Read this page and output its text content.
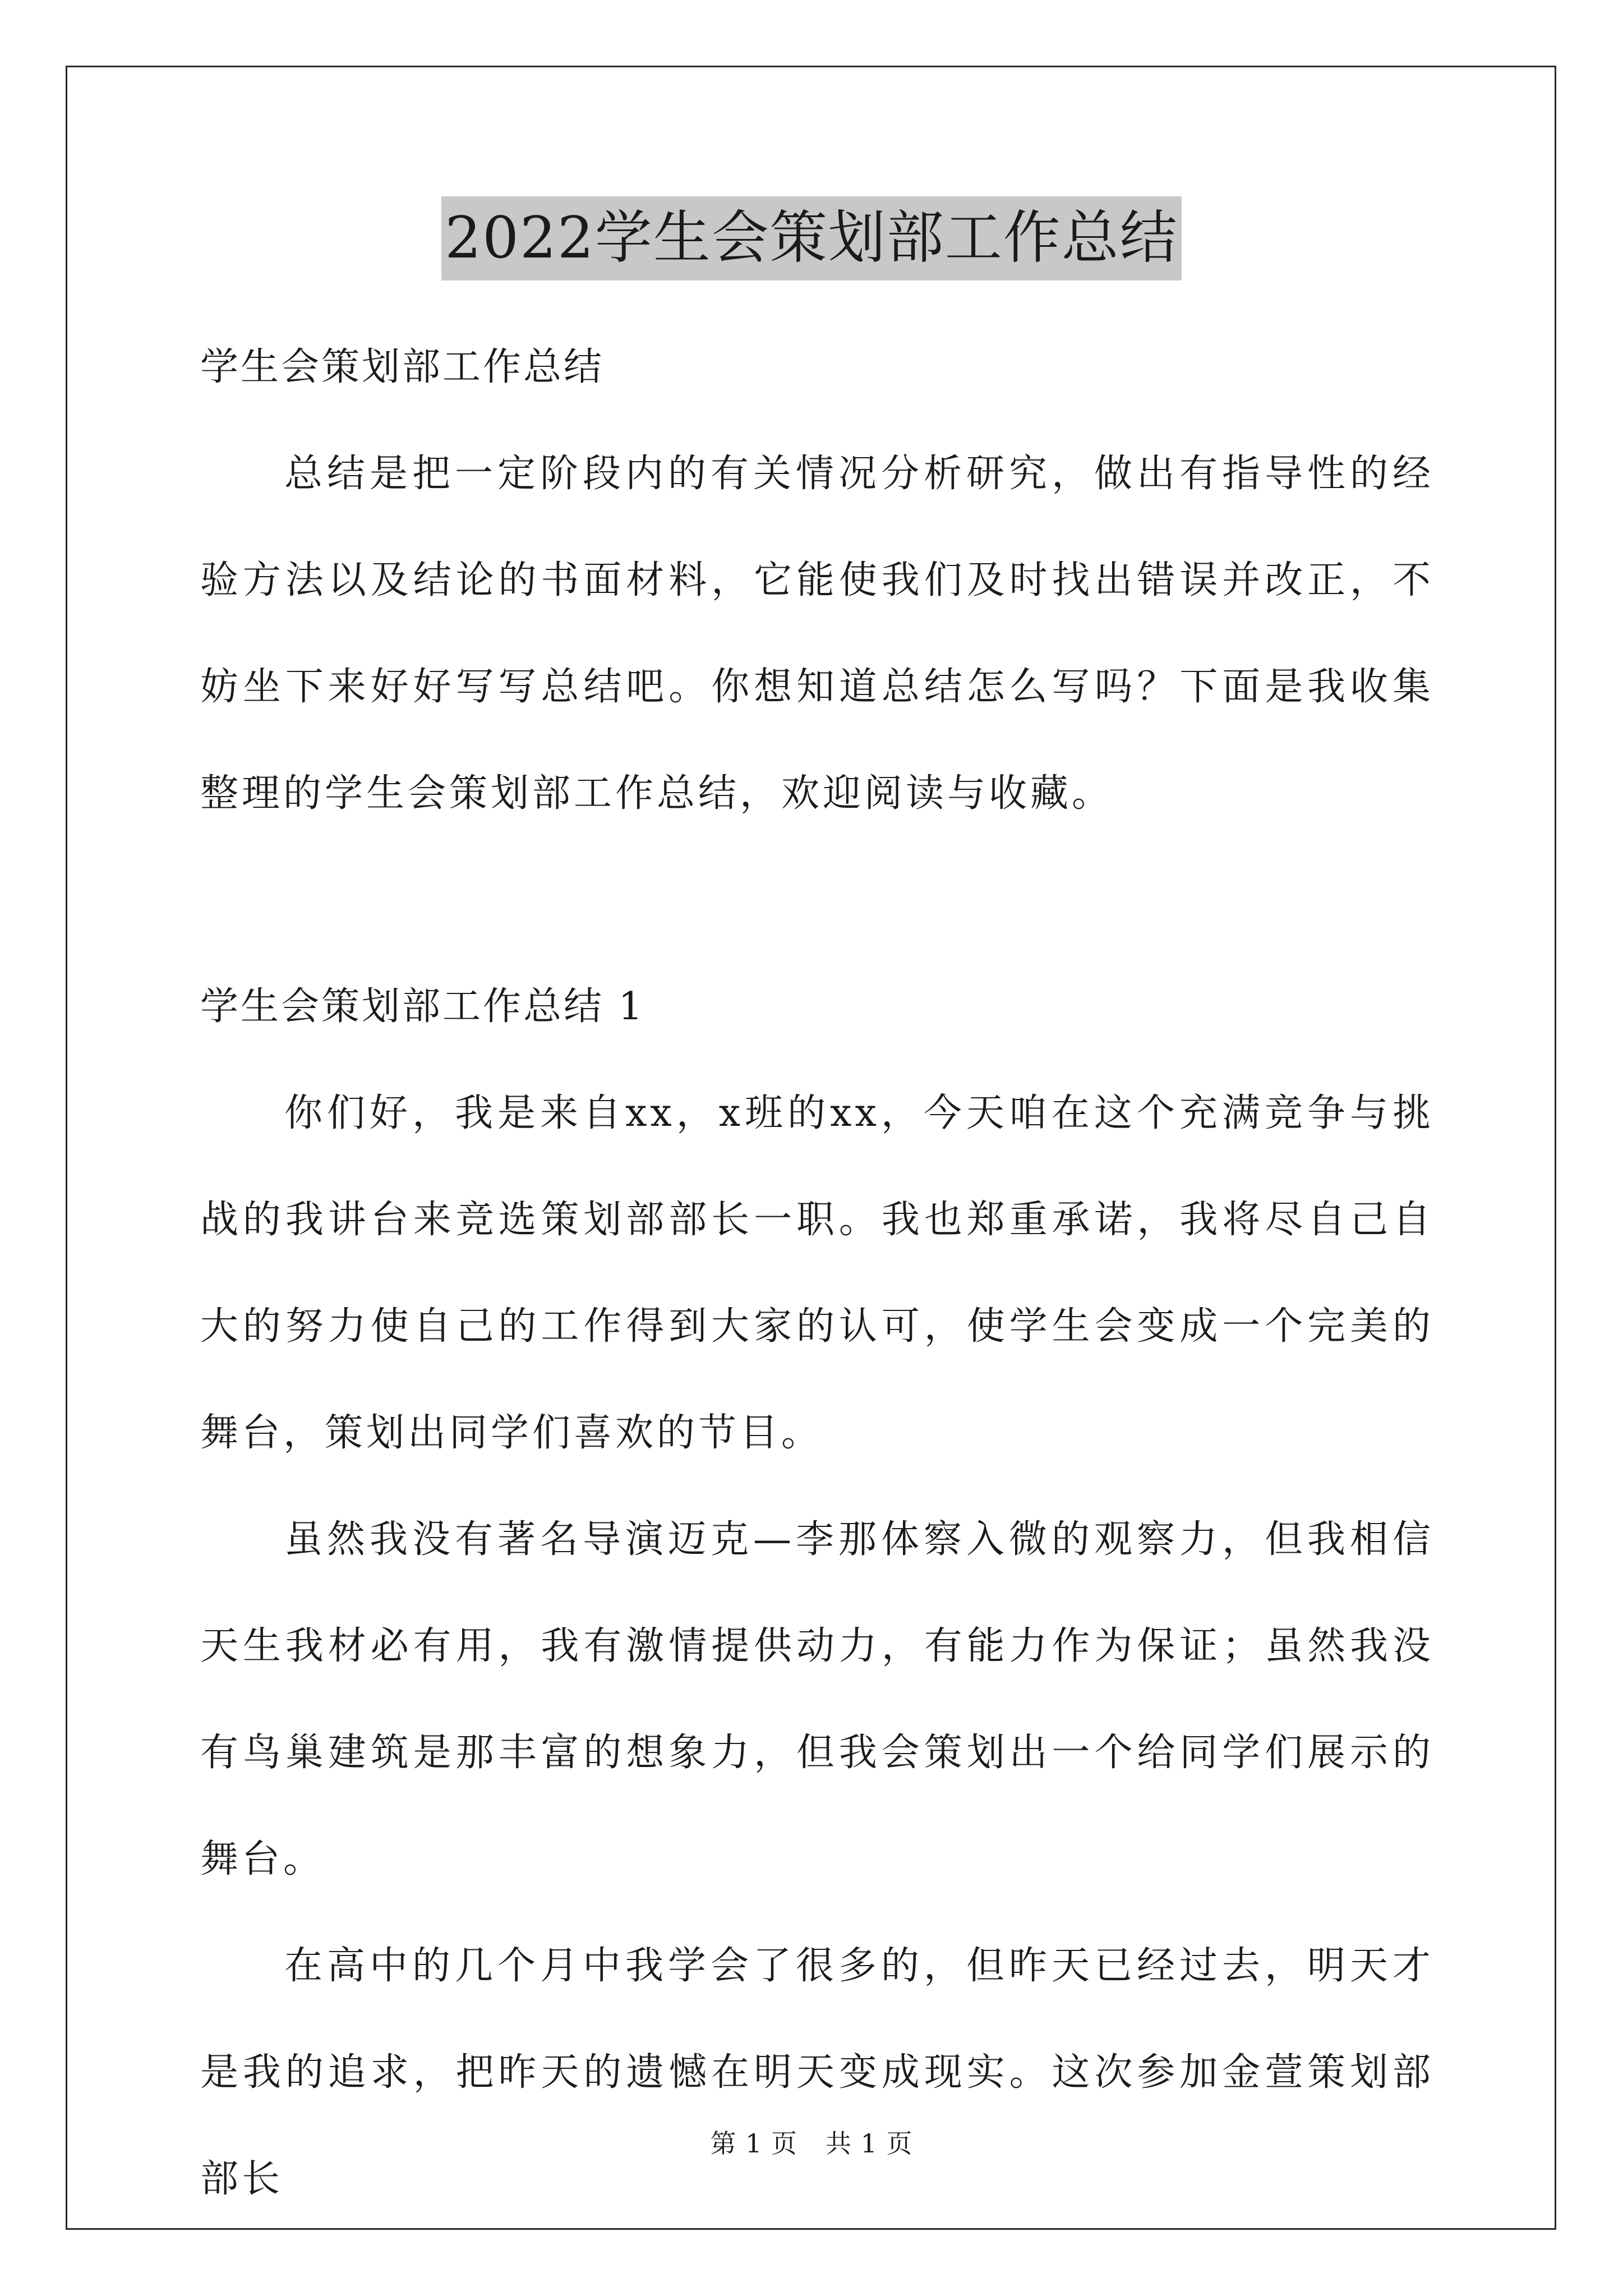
2022学生会策划部工作总结

学生会策划部工作总结

总结是把一定阶段内的有关情况分析研究，做出有指导性的经验方法以及结论的书面材料，它能使我们及时找出错误并改正，不妨坐下来好好写写总结吧。你想知道总结怎么写吗？下面是我收集整理的学生会策划部工作总结，欢迎阅读与收藏。

学生会策划部工作总结 1

你们好，我是来自xx，x班的xx，今天咱在这个充满竞争与挑战的我讲台来竞选策划部部长一职。我也郑重承诺，我将尽自己自大的努力使自己的工作得到大家的认可，使学生会变成一个完美的舞台，策划出同学们喜欢的节目。

虽然我没有著名导演迈克—李那体察入微的观察力，但我相信天生我材必有用，我有激情提供动力，有能力作为保证；虽然我没有鸟巢建筑是那丰富的想象力，但我会策划出一个给同学们展示的舞台。

在高中的几个月中我学会了很多的，但昨天已经过去，明天才是我的追求，把昨天的遗憾在明天变成现实。这次参加金萱策划部部长

第 1 页 共 1 页
